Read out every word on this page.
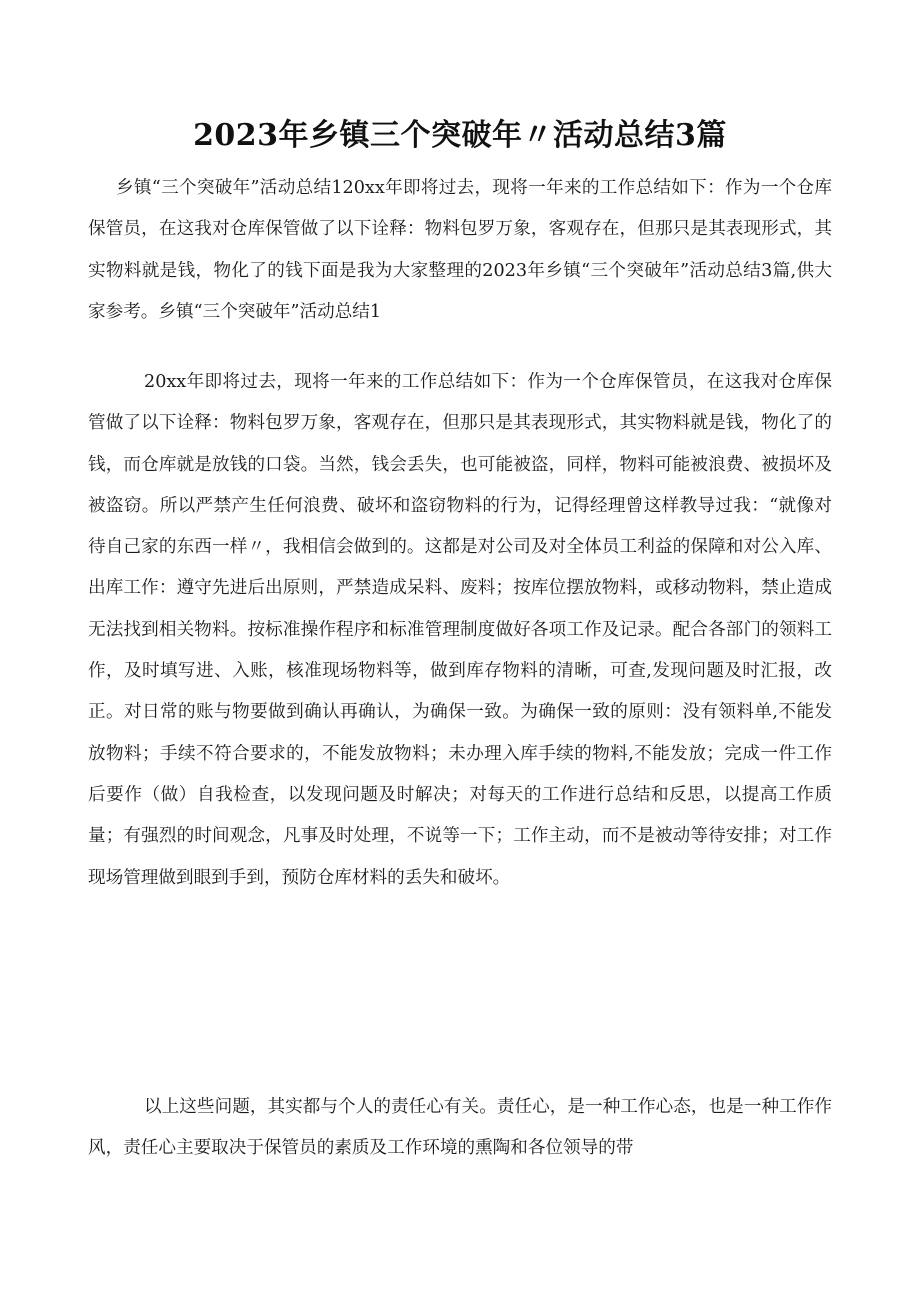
2023年乡镇三个突破年〃活动总结3篇

乡镇“三个突破年”活动总结120xx年即将过去，现将一年来的工作总结如下：作为一个仓库保管员，在这我对仓库保管做了以下诠释：物料包罗万象，客观存在，但那只是其表现形式，其实物料就是钱，物化了的钱下面是我为大家整理的2023年乡镇“三个突破年”活动总结3篇,供大家参考。乡镇“三个突破年”活动总结1

20xx年即将过去，现将一年来的工作总结如下：作为一个仓库保管员，在这我对仓库保管做了以下诠释：物料包罗万象，客观存在，但那只是其表现形式，其实物料就是钱，物化了的钱，而仓库就是放钱的口袋。当然，钱会丢失，也可能被盗，同样，物料可能被浪费、被损坏及被盗窃。所以严禁产生任何浪费、破坏和盗窃物料的行为，记得经理曾这样教导过我：“就像对待自己家的东西一样〃，我相信会做到的。这都是对公司及对全体员工利益的保障和对公入库、出库工作：遵守先进后出原则，严禁造成呆料、废料；按库位摆放物料，或移动物料，禁止造成无法找到相关物料。按标准操作程序和标准管理制度做好各项工作及记录。配合各部门的领料工作，及时填写进、入账，核准现场物料等，做到库存物料的清晰，可查,发现问题及时汇报，改正。对日常的账与物要做到确认再确认，为确保一致。为确保一致的原则：没有领料单,不能发放物料；手续不符合要求的，不能发放物料；未办理入库手续的物料,不能发放；完成一件工作后要作（做）自我检查，以发现问题及时解决；对每天的工作进行总结和反思，以提高工作质量；有强烈的时间观念，凡事及时处理，不说等一下；工作主动，而不是被动等待安排；对工作现场管理做到眼到手到，预防仓库材料的丢失和破坏。

以上这些问题，其实都与个人的责任心有关。责任心，是一种工作心态，也是一种工作作风，责任心主要取决于保管员的素质及工作环境的熏陶和各位领导的带
